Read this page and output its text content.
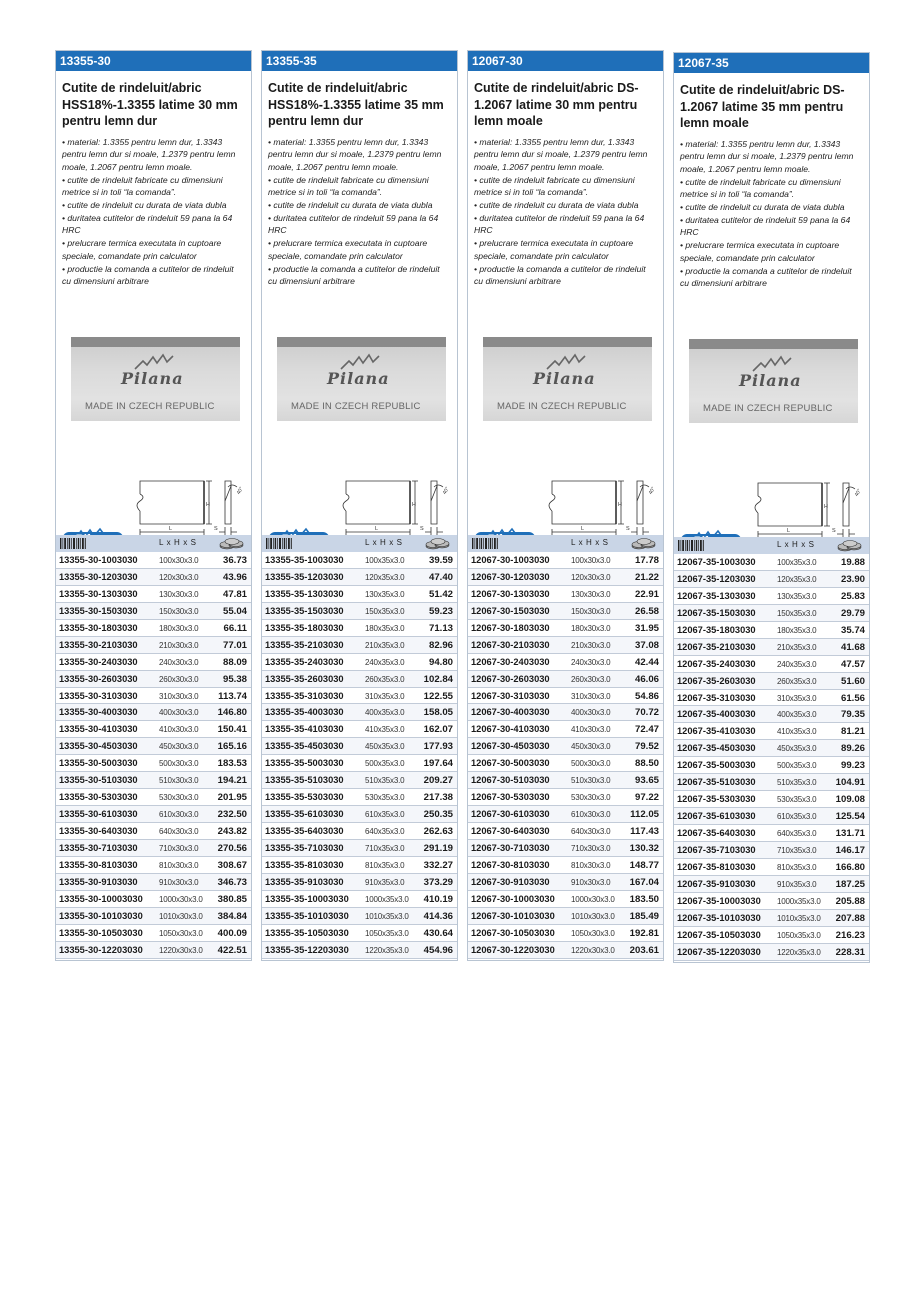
13355-30
Cutite de rindeluit/abric HSS18%-1.3355 latime 30 mm pentru lemn dur
• material: 1.3355 pentru lemn dur, 1.3343 pentru lemn dur si moale, 1.2379 pentru lemn moale, 1.2067 pentru lemn moale.
• cutite de rindeluit fabricate cu dimensiuni metrice si in toli “la comanda”.
• cutite de rindeluit cu durata de viata dubla
• duritatea cutitelor de rindeluit 59 pana la 64 HRC
• prelucrare termica executata in cuptoare speciale, comandate prin calculator
• productie la comanda a cutitelor de rindeluit cu dimensiuni arbitrare
Pilana
MADE IN CZECH REPUBLIC
H
L
40°
S
L x H x S
13355-30-1003030	100x30x3.0	36.73
13355-30-1203030	120x30x3.0	43.96
13355-30-1303030	130x30x3.0	47.81
13355-30-1503030	150x30x3.0	55.04
13355-30-1803030	180x30x3.0	66.11
13355-30-2103030	210x30x3.0	77.01
13355-30-2403030	240x30x3.0	88.09
13355-30-2603030	260x30x3.0	95.38
13355-30-3103030	310x30x3.0 113.74
13355-30-4003030	400x30x3.0 146.80
13355-30-4103030	410x30x3.0 150.41
13355-30-4503030	450x30x3.0 165.16
13355-30-5003030	500x30x3.0 183.53
13355-30-5103030	510x30x3.0 194.21
13355-30-5303030	530x30x3.0 201.95
13355-30-6103030	610x30x3.0 232.50
13355-30-6403030	640x30x3.0 243.82
13355-30-7103030	710x30x3.0 270.56
13355-30-8103030	810x30x3.0 308.67
13355-30-9103030	910x30x3.0 346.73
13355-30-10003030 1000x30x3.0 380.85
13355-30-10103030 1010x30x3.0 384.84
13355-30-10503030 1050x30x3.0 400.09
13355-30-12203030 1220x30x3.0 422.51
13355-35
Cutite de rindeluit/abric HSS18%-1.3355 latime 35 mm pentru lemn dur
• material: 1.3355 pentru lemn dur, 1.3343 pentru lemn dur si moale, 1.2379 pentru lemn moale, 1.2067 pentru lemn moale.
• cutite de rindeluit fabricate cu dimensiuni metrice si in toli “la comanda”.
• cutite de rindeluit cu durata de viata dubla
• duritatea cutitelor de rindeluit 59 pana la 64 HRC
• prelucrare termica executata in cuptoare speciale, comandate prin calculator
• productie la comanda a cutitelor de rindeluit cu dimensiuni arbitrare
Pilana
MADE IN CZECH REPUBLIC
H
L
40°
S
L x H x S
13355-35-1003030	100x35x3.0	39.59
13355-35-1203030	120x35x3.0	47.40
13355-35-1303030	130x35x3.0	51.42
13355-35-1503030	150x35x3.0	59.23
13355-35-1803030	180x35x3.0	71.13
13355-35-2103030	210x35x3.0	82.96
13355-35-2403030	240x35x3.0	94.80
13355-35-2603030	260x35x3.0 102.84
13355-35-3103030	310x35x3.0 122.55
13355-35-4003030	400x35x3.0 158.05
13355-35-4103030	410x35x3.0 162.07
13355-35-4503030	450x35x3.0 177.93
13355-35-5003030	500x35x3.0 197.64
13355-35-5103030	510x35x3.0 209.27
13355-35-5303030	530x35x3.0 217.38
13355-35-6103030	610x35x3.0 250.35
13355-35-6403030	640x35x3.0 262.63
13355-35-7103030	710x35x3.0 291.19
13355-35-8103030	810x35x3.0 332.27
13355-35-9103030	910x35x3.0 373.29
13355-35-10003030 1000x35x3.0 410.19
13355-35-10103030 1010x35x3.0 414.36
13355-35-10503030 1050x35x3.0 430.64
13355-35-12203030 1220x35x3.0 454.96
12067-30
Cutite de rindeluit/abric DS-1.2067 latime 30 mm pentru lemn moale
• material: 1.3355 pentru lemn dur, 1.3343 pentru lemn dur si moale, 1.2379 pentru lemn moale, 1.2067 pentru lemn moale.
• cutite de rindeluit fabricate cu dimensiuni metrice si in toli “la comanda”.
• cutite de rindeluit cu durata de viata dubla
• duritatea cutitelor de rindeluit 59 pana la 64 HRC
• prelucrare termica executata in cuptoare speciale, comandate prin calculator
• productie la comanda a cutitelor de rindeluit cu dimensiuni arbitrare
Pilana
MADE IN CZECH REPUBLIC
H
L
40°
S
L x H x S
12067-30-1003030	100x30x3.0	17.78
12067-30-1203030	120x30x3.0	21.22
12067-30-1303030	130x30x3.0	22.91
12067-30-1503030	150x30x3.0	26.58
12067-30-1803030	180x30x3.0	31.95
12067-30-2103030	210x30x3.0	37.08
12067-30-2403030	240x30x3.0	42.44
12067-30-2603030	260x30x3.0	46.06
12067-30-3103030	310x30x3.0	54.86
12067-30-4003030	400x30x3.0	70.72
12067-30-4103030	410x30x3.0	72.47
12067-30-4503030	450x30x3.0	79.52
12067-30-5003030	500x30x3.0	88.50
12067-30-5103030	510x30x3.0	93.65
12067-30-5303030	530x30x3.0	97.22
12067-30-6103030	610x30x3.0 112.05
12067-30-6403030	640x30x3.0 117.43
12067-30-7103030	710x30x3.0 130.32
12067-30-8103030	810x30x3.0 148.77
12067-30-9103030	910x30x3.0 167.04
12067-30-10003030 1000x30x3.0 183.50
12067-30-10103030 1010x30x3.0 185.49
12067-30-10503030 1050x30x3.0 192.81
12067-30-12203030 1220x30x3.0 203.61
12067-35
Cutite de rindeluit/abric DS-1.2067 latime 35 mm pentru lemn moale
• material: 1.3355 pentru lemn dur, 1.3343 pentru lemn dur si moale, 1.2379 pentru lemn moale, 1.2067 pentru lemn moale.
• cutite de rindeluit fabricate cu dimensiuni metrice si in toli “la comanda”.
• cutite de rindeluit cu durata de viata dubla
• duritatea cutitelor de rindeluit 59 pana la 64 HRC
• prelucrare termica executata in cuptoare speciale, comandate prin calculator
• productie la comanda a cutitelor de rindeluit cu dimensiuni arbitrare
Pilana
MADE IN CZECH REPUBLIC
H
L
40°
S
L x H x S
12067-35-1003030	100x35x3.0	19.88
12067-35-1203030	120x35x3.0	23.90
12067-35-1303030	130x35x3.0	25.83
12067-35-1503030	150x35x3.0	29.79
12067-35-1803030	180x35x3.0	35.74
12067-35-2103030	210x35x3.0	41.68
12067-35-2403030	240x35x3.0	47.57
12067-35-2603030	260x35x3.0	51.60
12067-35-3103030	310x35x3.0	61.56
12067-35-4003030	400x35x3.0	79.35
12067-35-4103030	410x35x3.0	81.21
12067-35-4503030	450x35x3.0	89.26
12067-35-5003030	500x35x3.0	99.23
12067-35-5103030	510x35x3.0 104.91
12067-35-5303030	530x35x3.0 109.08
12067-35-6103030	610x35x3.0 125.54
12067-35-6403030	640x35x3.0 131.71
12067-35-7103030	710x35x3.0 146.17
12067-35-8103030	810x35x3.0 166.80
12067-35-9103030	910x35x3.0 187.25
12067-35-10003030 1000x35x3.0 205.88
12067-35-10103030 1010x35x3.0 207.88
12067-35-10503030 1050x35x3.0 216.23
12067-35-12203030 1220x35x3.0 228.31
